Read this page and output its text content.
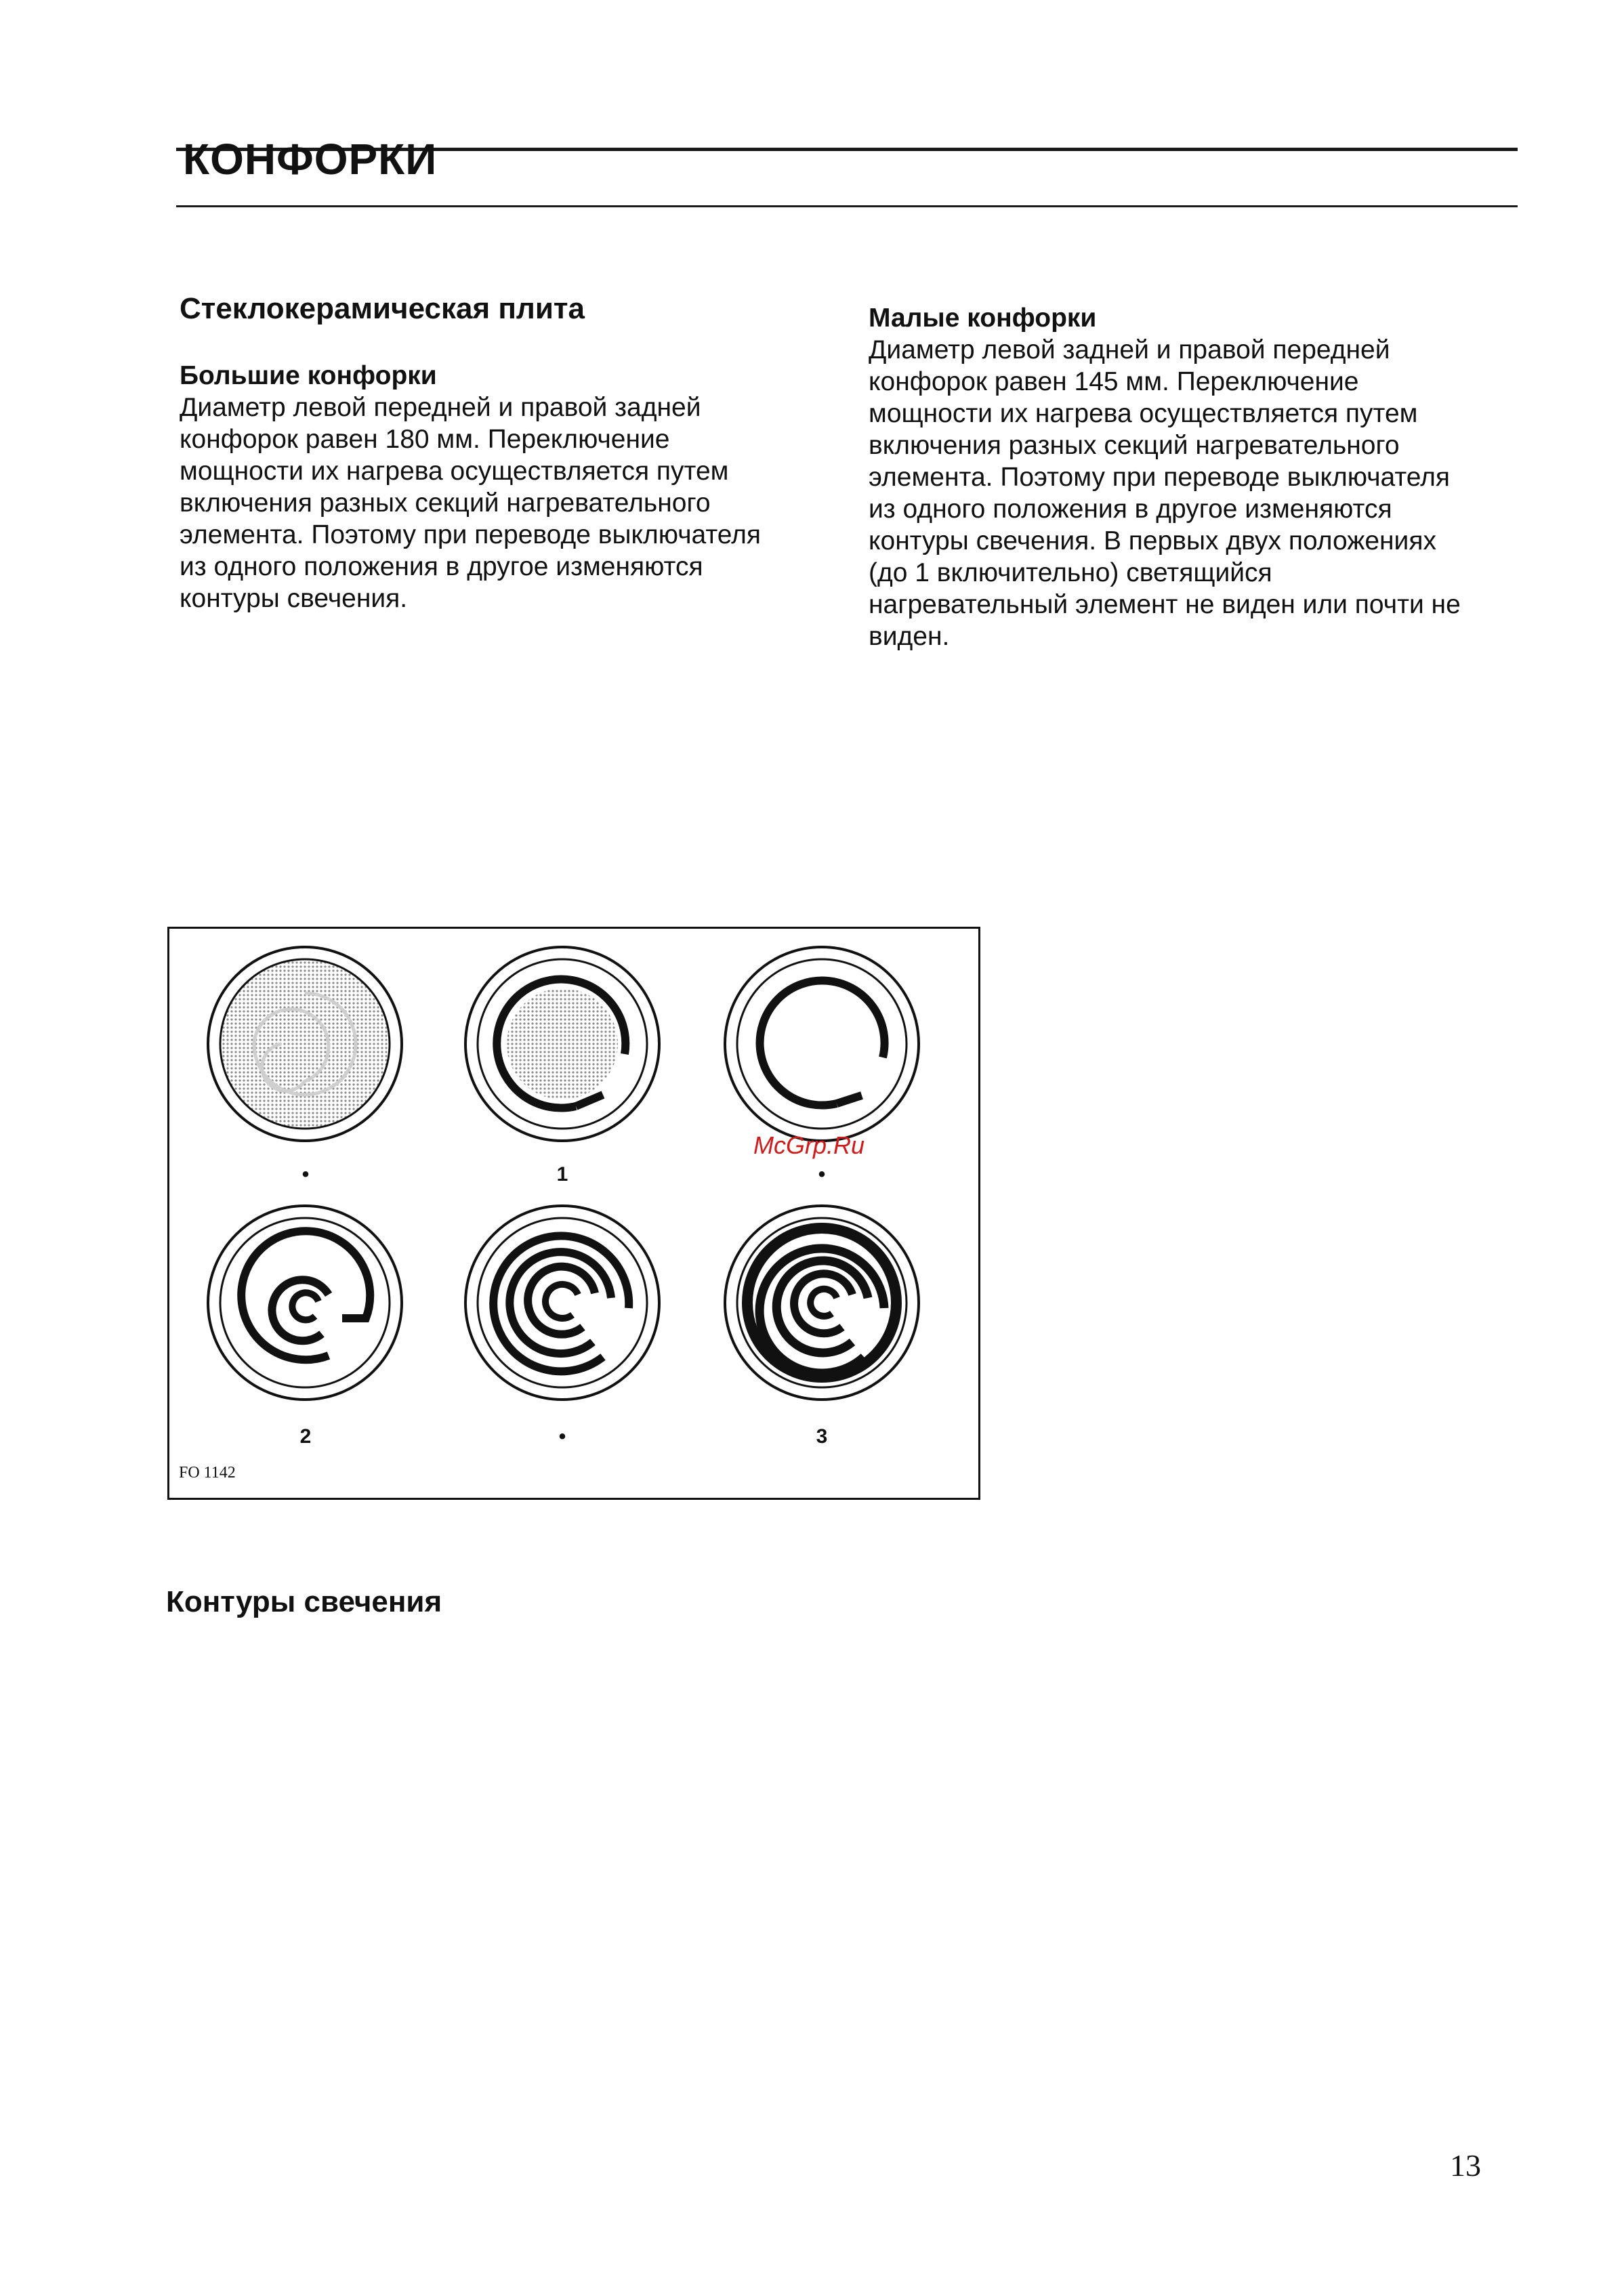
КОНФОРКИ
Стеклокерамическая плита

Большие конфорки

Диаметр левой передней и правой задней
конфорок равен 180 мм. Переключение
мощности их нагрева осуществляется путем
включения разных секций нагревательного
элемента. Поэтому при переводе выключателя
из одного положения в другое изменяются
контуры свечения.

Малые конфорки

Диаметр левой задней и правой передней
конфорок равен 145 мм. Переключение
мощности их нагрева осуществляется путем
включения разных секций нагревательного
элемента. Поэтому при переводе выключателя
из одного положения в другое изменяются
контуры свечения. В первых двух положениях
(до 1 включительно) светящийся
нагревательный элемент не виден или почти не
виден.

•	1	•
2	•	3
FO 1142
McGrp.Ru
Контуры свечения
13
